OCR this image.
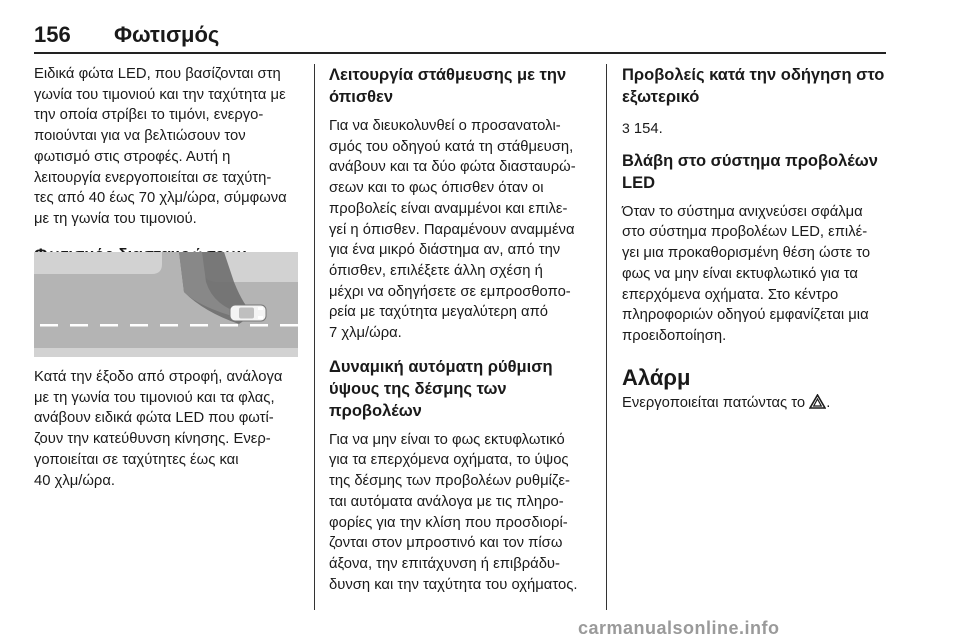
156 Φωτισμός

Ειδικά φώτα LED, που βασίζονται στη

γωνία του τιμονιού και την ταχύτητα με

την οποία στρίβει το τιμόνι, ενεργο-

ποιούνται για να βελτιώσουν τον

φωτισμό στις στροφές. Αυτή η

λειτουργία ενεργοποιείται σε ταχύτη-

τες από 40 έως 70 χλμ/ώρα, σύμφωνα

με τη γωνία του τιμονιού.

Κατά την έξοδο από στροφή, ανάλογα

με τη γωνία του τιμονιού και τα φλας,

ανάβουν ειδικά φώτα LED που φωτί-

ζουν την κατεύθυνση κίνησης. Ενερ-

γοποιείται σε ταχύτητες έως και

40 χλμ/ώρα.

Λειτουργία στάθμευσης με την

όπισθεν

Για να διευκολυνθεί ο προσανατολι-

σμός του οδηγού κατά τη στάθμευση,

ανάβουν και τα δύο φώτα διασταυρώ-

σεων και το φως όπισθεν όταν οι

προβολείς είναι αναμμένοι και επιλε-

γεί η όπισθεν. Παραμένουν αναμμένα

για ένα μικρό διάστημα αν, από την

όπισθεν, επιλέξετε άλλη σχέση ή

μέχρι να οδηγήσετε σε εμπροσθοπο-

ρεία με ταχύτητα μεγαλύτερη από

7 χλμ/ώρα.

Δυναμική αυτόματη ρύθμιση

ύψους της δέσμης των

προβολέων

Για να μην είναι το φως εκτυφλωτικό

για τα επερχόμενα οχήματα, το ύψος

της δέσμης των προβολέων ρυθμίζε-

ται αυτόματα ανάλογα με τις πληρο-

φορίες για την κλίση που προσδιορί-

ζονται στον μπροστινό και τον πίσω

άξονα, την επιτάχυνση ή επιβράδυ-

δυνση και την ταχύτητα του οχήματος.

Προβολείς κατά την οδήγηση στο

εξωτερικό

3 154.

Βλάβη στο σύστημα προβολέων

LED

Όταν το σύστημα ανιχνεύσει σφάλμα

στο σύστημα προβολέων LED, επιλέ-

γει μια προκαθορισμένη θέση ώστε το

φως να μην είναι εκτυφλωτικό για τα

επερχόμενα οχήματα. Στο κέντρο

πληροφοριών οδηγού εμφανίζεται μια

προειδοποίηση.

Αλάρμ

Ενεργοποιείται πατώντας το .

carmanualsonline.info
